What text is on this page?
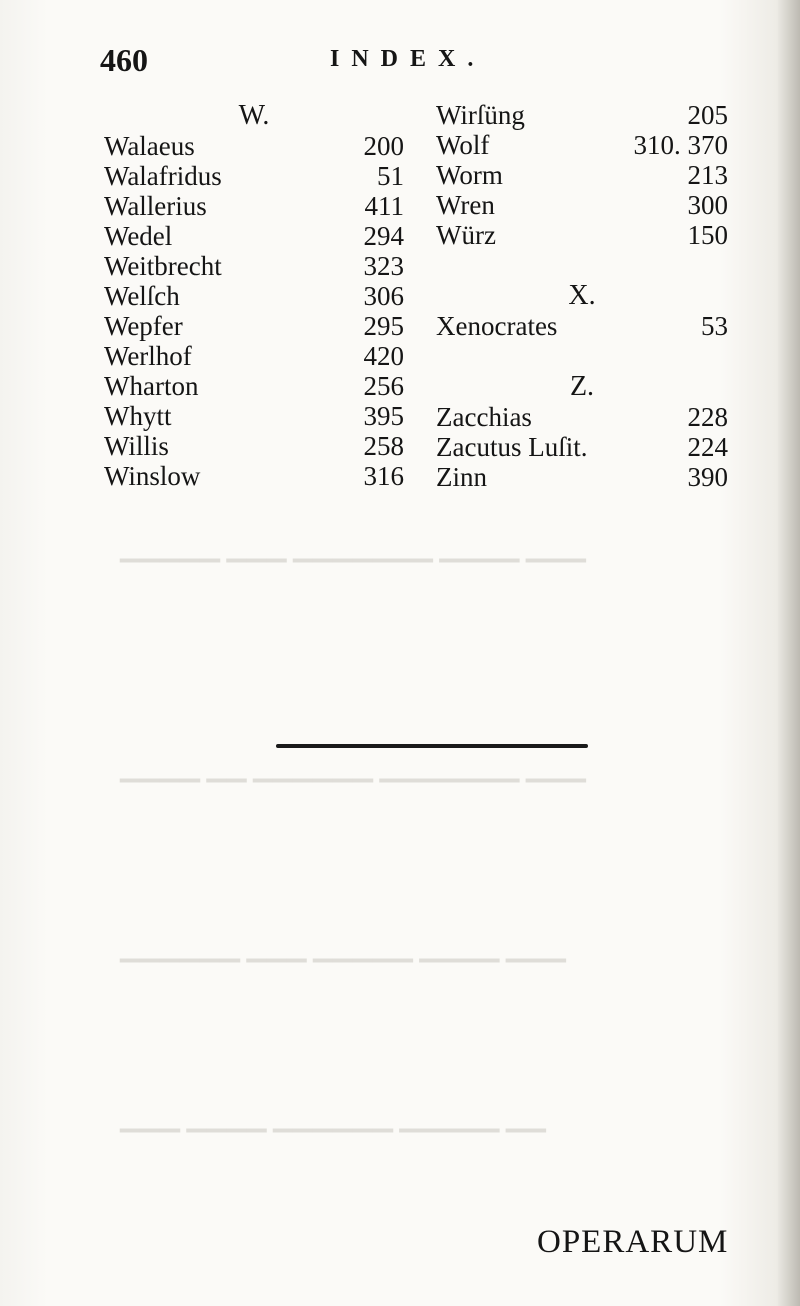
▔▔▔▔▔ ▔▔▔ ▔▔▔▔▔▔▔ ▔▔▔▔ ▔▔▔
▔▔▔▔ ▔▔ ▔▔▔▔▔▔ ▔▔▔▔▔▔▔ ▔▔▔
▔▔▔▔▔▔ ▔▔▔ ▔▔▔▔▔ ▔▔▔▔ ▔▔▔
▔▔▔ ▔▔▔▔ ▔▔▔▔▔▔ ▔▔▔▔▔ ▔▔
460	INDEX.
W.
Walaeus	200
Walafridus	51
Wallerius	411
Wedel	294
Weitbrecht	323
Welſch	306
Wepfer	295
Werlhof	420
Wharton	256
Whytt	395
Willis	258
Winslow	316
Wirſüng	205
Wolf	310. 370
Worm	213
Wren	300
Würz	150
X.
Xenocrates	53
Z.
Zacchias	228
Zacutus Luſit.	224
Zinn	390
OPERARUM
